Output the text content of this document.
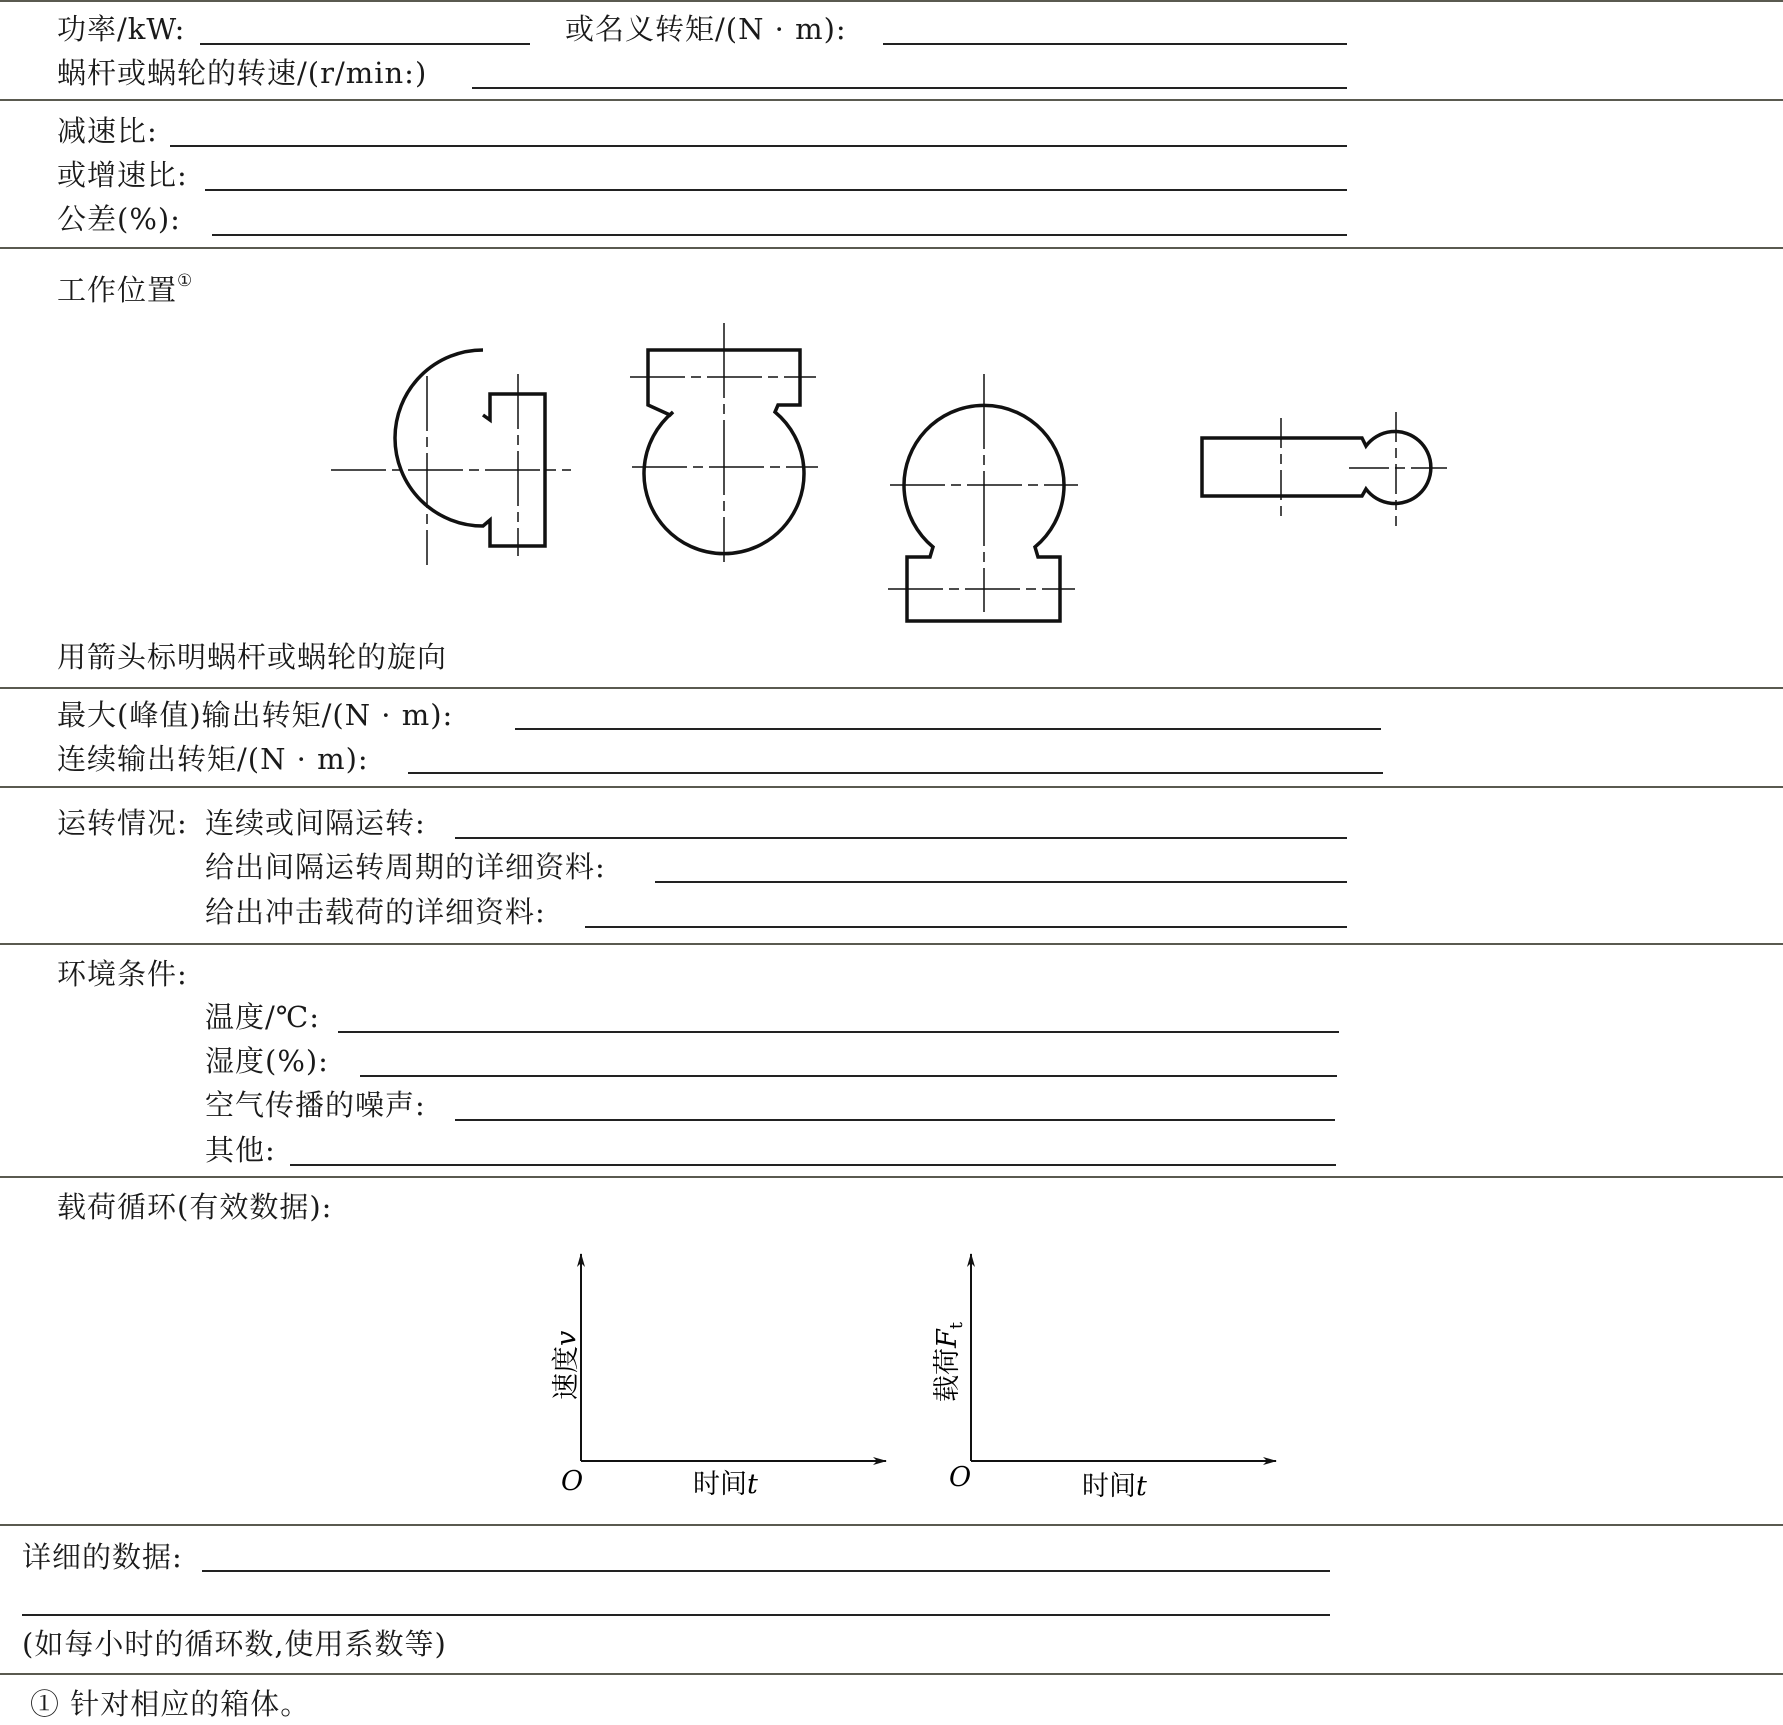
功率/kW:	或名义转矩/(N · m):
蜗杆或蜗轮的转速/(r/min:)
减速比:
或增速比:
公差(%):
工作位置①
用箭头标明蜗杆或蜗轮的旋向
最大(峰值)输出转矩/(N · m):
连续输出转矩/(N · m):
运转情况: 连续或间隔运转:
给出间隔运转周期的详细资料:
给出冲击载荷的详细资料:
环境条件:
温度/℃:
湿度(%):
空气传播的噪声:
其他:
载荷循环(有效数据):
O	时间t
速度v
O	时间t
载荷$F_t$
详细的数据:
(如每小时的循环数,使用系数等)
① 针对相应的箱体。
